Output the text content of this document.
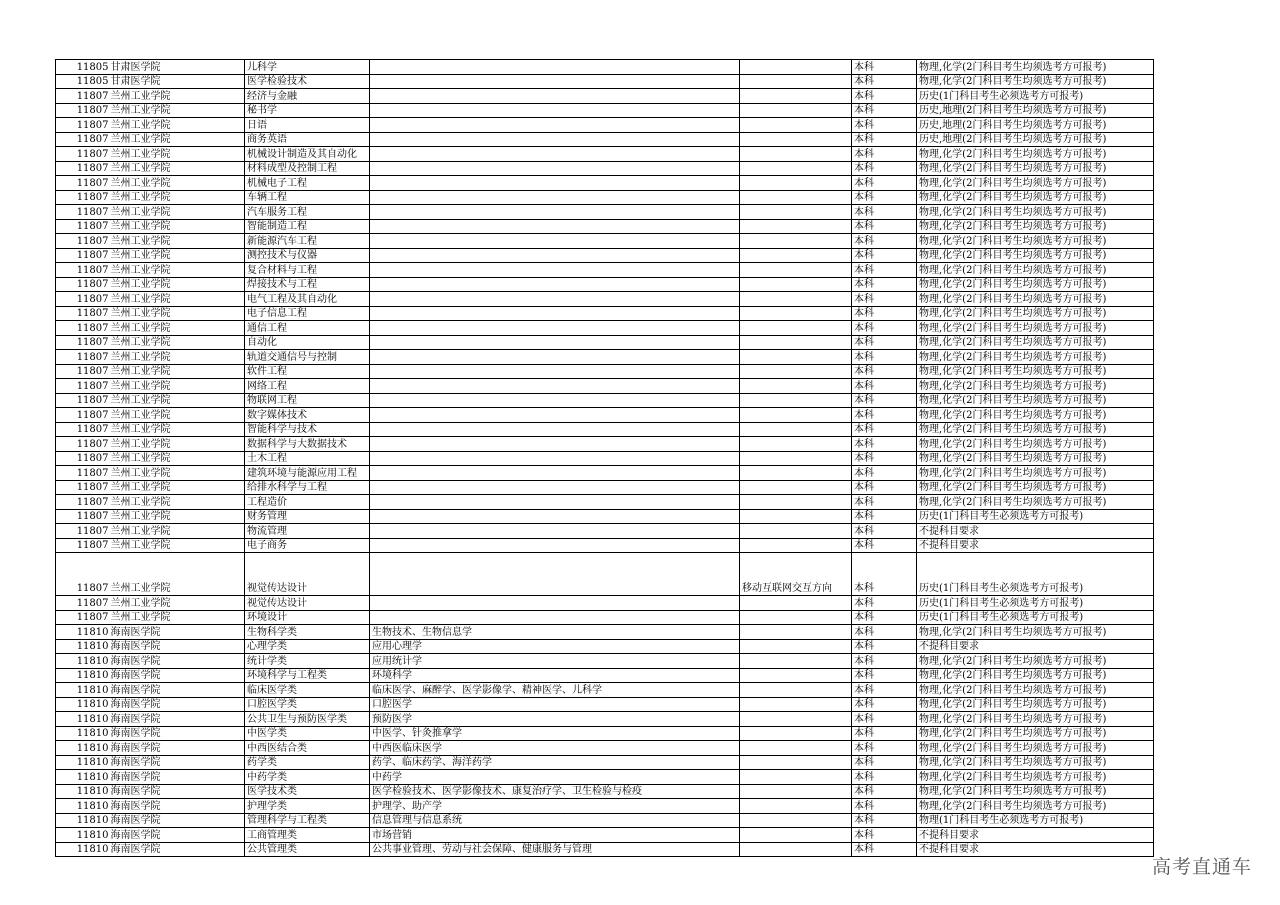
11805	甘肃医学院	儿科学			本科	物理,化学(2门科目考生均须选考方可报考)
11805	甘肃医学院	医学检验技术			本科	物理,化学(2门科目考生均须选考方可报考)
11807	兰州工业学院	经济与金融			本科	历史(1门科目考生必须选考方可报考)
11807	兰州工业学院	秘书学			本科	历史,地理(2门科目考生均须选考方可报考)
11807	兰州工业学院	日语			本科	历史,地理(2门科目考生均须选考方可报考)
11807	兰州工业学院	商务英语			本科	历史,地理(2门科目考生均须选考方可报考)
11807	兰州工业学院	机械设计制造及其自动化			本科	物理,化学(2门科目考生均须选考方可报考)
11807	兰州工业学院	材料成型及控制工程			本科	物理,化学(2门科目考生均须选考方可报考)
11807	兰州工业学院	机械电子工程			本科	物理,化学(2门科目考生均须选考方可报考)
11807	兰州工业学院	车辆工程			本科	物理,化学(2门科目考生均须选考方可报考)
11807	兰州工业学院	汽车服务工程			本科	物理,化学(2门科目考生均须选考方可报考)
11807	兰州工业学院	智能制造工程			本科	物理,化学(2门科目考生均须选考方可报考)
11807	兰州工业学院	新能源汽车工程			本科	物理,化学(2门科目考生均须选考方可报考)
11807	兰州工业学院	测控技术与仪器			本科	物理,化学(2门科目考生均须选考方可报考)
11807	兰州工业学院	复合材料与工程			本科	物理,化学(2门科目考生均须选考方可报考)
11807	兰州工业学院	焊接技术与工程			本科	物理,化学(2门科目考生均须选考方可报考)
11807	兰州工业学院	电气工程及其自动化			本科	物理,化学(2门科目考生均须选考方可报考)
11807	兰州工业学院	电子信息工程			本科	物理,化学(2门科目考生均须选考方可报考)
11807	兰州工业学院	通信工程			本科	物理,化学(2门科目考生均须选考方可报考)
11807	兰州工业学院	自动化			本科	物理,化学(2门科目考生均须选考方可报考)
11807	兰州工业学院	轨道交通信号与控制			本科	物理,化学(2门科目考生均须选考方可报考)
11807	兰州工业学院	软件工程			本科	物理,化学(2门科目考生均须选考方可报考)
11807	兰州工业学院	网络工程			本科	物理,化学(2门科目考生均须选考方可报考)
11807	兰州工业学院	物联网工程			本科	物理,化学(2门科目考生均须选考方可报考)
11807	兰州工业学院	数字媒体技术			本科	物理,化学(2门科目考生均须选考方可报考)
11807	兰州工业学院	智能科学与技术			本科	物理,化学(2门科目考生均须选考方可报考)
11807	兰州工业学院	数据科学与大数据技术			本科	物理,化学(2门科目考生均须选考方可报考)
11807	兰州工业学院	土木工程			本科	物理,化学(2门科目考生均须选考方可报考)
11807	兰州工业学院	建筑环境与能源应用工程			本科	物理,化学(2门科目考生均须选考方可报考)
11807	兰州工业学院	给排水科学与工程			本科	物理,化学(2门科目考生均须选考方可报考)
11807	兰州工业学院	工程造价			本科	物理,化学(2门科目考生均须选考方可报考)
11807	兰州工业学院	财务管理			本科	历史(1门科目考生必须选考方可报考)
11807	兰州工业学院	物流管理			本科	不提科目要求
11807	兰州工业学院	电子商务			本科	不提科目要求
11807	兰州工业学院	视觉传达设计		移动互联网交互方向	本科	历史(1门科目考生必须选考方可报考)
11807	兰州工业学院	视觉传达设计			本科	历史(1门科目考生必须选考方可报考)
11807	兰州工业学院	环境设计			本科	历史(1门科目考生必须选考方可报考)
11810	海南医学院	生物科学类	生物技术、生物信息学		本科	物理,化学(2门科目考生均须选考方可报考)
11810	海南医学院	心理学类	应用心理学		本科	不提科目要求
11810	海南医学院	统计学类	应用统计学		本科	物理,化学(2门科目考生均须选考方可报考)
11810	海南医学院	环境科学与工程类	环境科学		本科	物理,化学(2门科目考生均须选考方可报考)
11810	海南医学院	临床医学类	临床医学、麻醉学、医学影像学、精神医学、儿科学		本科	物理,化学(2门科目考生均须选考方可报考)
11810	海南医学院	口腔医学类	口腔医学		本科	物理,化学(2门科目考生均须选考方可报考)
11810	海南医学院	公共卫生与预防医学类	预防医学		本科	物理,化学(2门科目考生均须选考方可报考)
11810	海南医学院	中医学类	中医学、针灸推拿学		本科	物理,化学(2门科目考生均须选考方可报考)
11810	海南医学院	中西医结合类	中西医临床医学		本科	物理,化学(2门科目考生均须选考方可报考)
11810	海南医学院	药学类	药学、临床药学、海洋药学		本科	物理,化学(2门科目考生均须选考方可报考)
11810	海南医学院	中药学类	中药学		本科	物理,化学(2门科目考生均须选考方可报考)
11810	海南医学院	医学技术类	医学检验技术、医学影像技术、康复治疗学、卫生检验与检疫		本科	物理,化学(2门科目考生均须选考方可报考)
11810	海南医学院	护理学类	护理学、助产学		本科	物理,化学(2门科目考生均须选考方可报考)
11810	海南医学院	管理科学与工程类	信息管理与信息系统		本科	物理(1门科目考生必须选考方可报考)
11810	海南医学院	工商管理类	市场营销		本科	不提科目要求
11810	海南医学院	公共管理类	公共事业管理、劳动与社会保障、健康服务与管理		本科	不提科目要求
高考直通车
